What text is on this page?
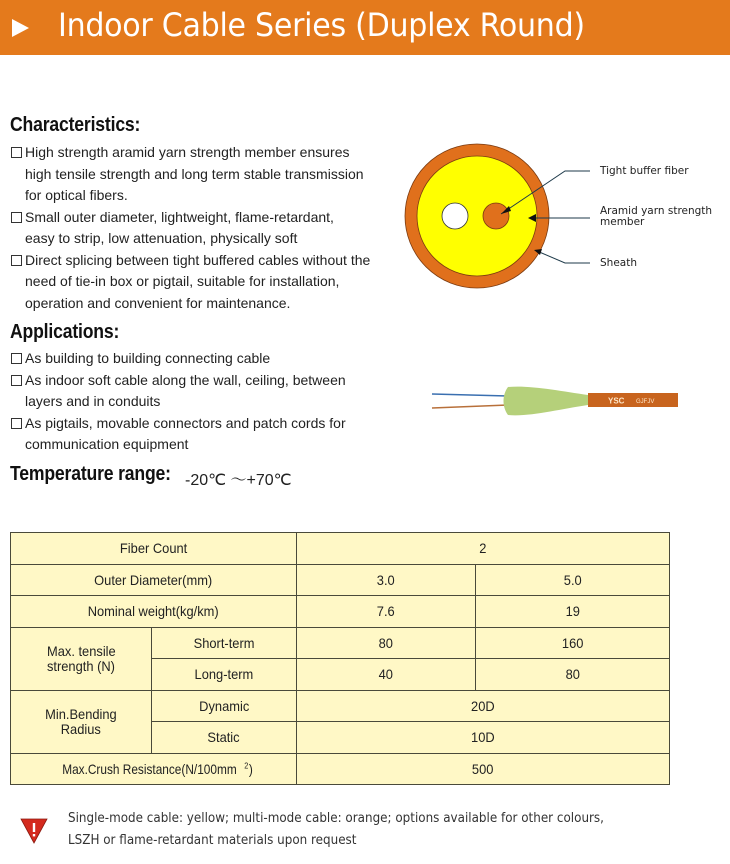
Indoor Cable Series (Duplex Round)
Characteristics:
High strength aramid yarn strength member ensures
high tensile strength and long term stable transmission
for optical fibers.
Small outer diameter, lightweight, flame-retardant,
easy to strip, low attenuation, physically soft
Direct splicing between tight buffered cables without the
need of tie-in box or pigtail, suitable for installation,
operation and convenient for maintenance.
Applications:
As building to building connecting cable
As indoor soft cable along the wall, ceiling, between
layers and in conduits
As pigtails, movable connectors and patch cords for
communication equipment
Temperature range: -20℃ ～+70℃
Tight buffer fiber
Aramid yarn strength
member
Sheath
YSC GJFJV
Fiber Count		2	
Outer Diameter(mm)		3.0	5.0
Nominal weight(kg/km)		7.6	19
Max. tensile
strength (N)	Short-term	80	160
	Long-term	40	80
Min.Bending
Radius	Dynamic	20D	
	Static	10D	
Max.Crush Resistance(N/100mm $^2$)		500	
Single-mode cable: yellow; multi-mode cable: orange; options available for other colours,
LSZH or flame-retardant materials upon request
